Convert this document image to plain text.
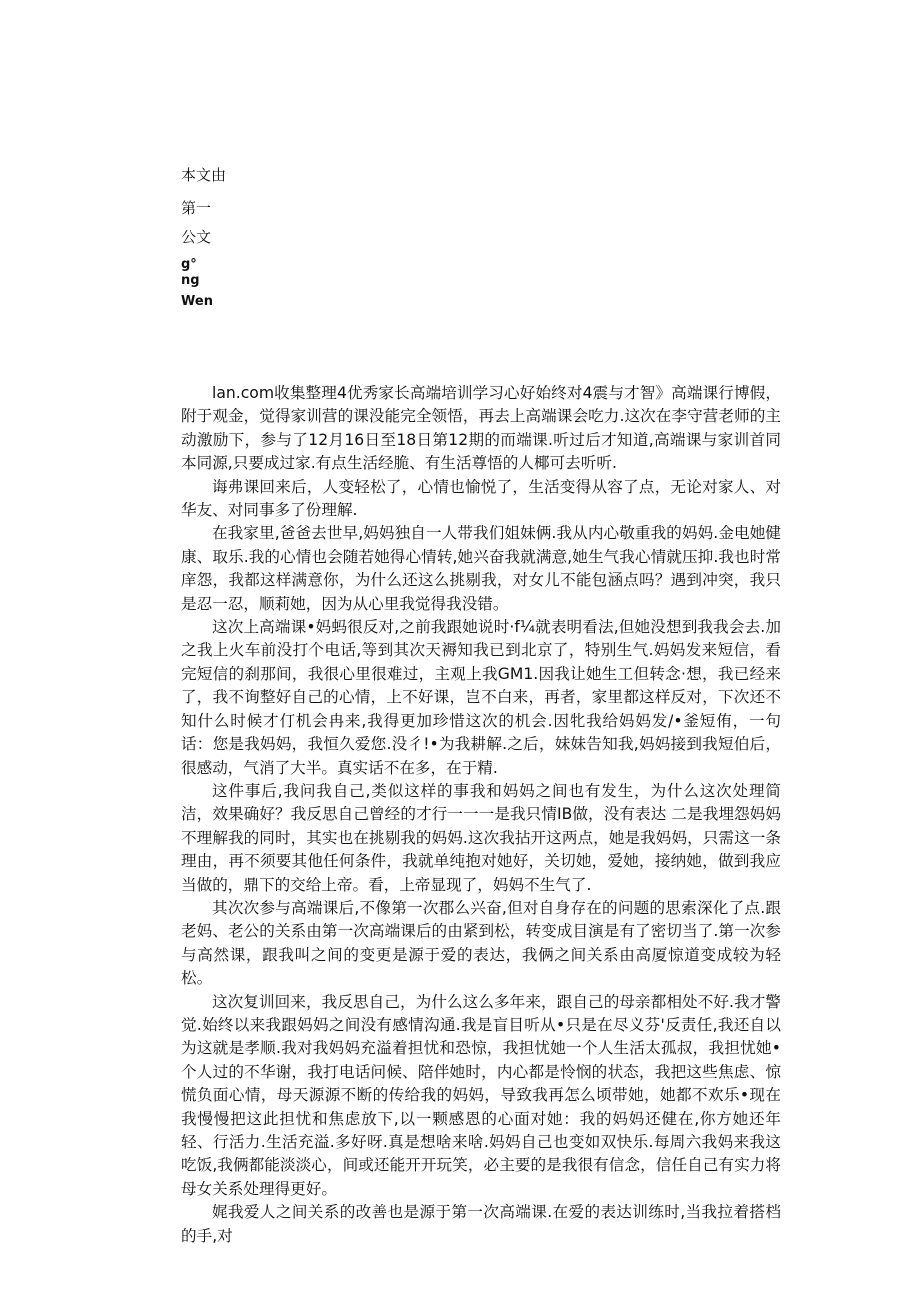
本文由
第一
公文
g°
ng
Wen

lan.com收集整理4优秀家长高端培训学习心好始终对4震与才智》高端课行博假，附于观金，觉得家训营的课没能完全领悟，再去上高端课会吃力.这次在李守营老师的主动激励下，参与了12月16日至18日第12期的而端课.听过后才知道,高端课与家训首同本同源,只要成过家.有点生活经脆、有生活尊悟的人椰可去听听.

诲弗课回来后，人变轻松了，心情也愉悦了，生活变得从容了点，无论对家人、对华友、对同事多了份理解.

在我家里,爸爸去世早,妈妈独自一人带我们姐妹俩.我从内心敬重我的妈妈.金电她健康、取乐.我的心情也会随若她得心情转,她兴奋我就满意,她生气我心情就压抑.我也时常庠怨，我都这样满意你，为什么还这么挑剔我，对女儿不能包涵点吗？遇到冲突，我只是忍一忍，顺莉她，因为从心里我觉得我没错。

这次上高端课•妈蚂很反对,之前我跟她说时·f¼就表明看法,但她没想到我我会去.加之我上火车前没打个电话,等到其次天褥知我已到北京了，特别生气.妈妈发来短信，看完短信的刹那间，我很心里很难过，主观上我GM1.因我让她生工但转念·想，我已经来了，我不询整好自己的心情，上不好课，岂不白来，再者，家里都这样反对，下次还不知什么时候才仃机会冉来,我得更加珍惜这次的机会.因牝我给妈妈发/•釜短侑，一句话：您是我妈妈，我恒久爱您.没彳!•为我耕解.之后，妹妹告知我,妈妈接到我短伯后，很感动，气消了大半。真实话不在多，在于精.

这件事后,我问我自己,类似这样的事我和妈妈之间也有发生，为什么这次处理简洁，效果确好？我反思自己曾经的才行一一一是我只情IB做，没有表达 二是我埋怨妈妈不理解我的同时，其实也在挑剔我的妈妈.这次我拈开这两点，她是我妈妈，只需这一条理由，再不须要其他任何条件，我就单纯抱对她好，关切她，爱她，接纳她，做到我应当做的，鼎下的交给上帝。看，上帝显现了，妈妈不生气了.

其次次参与高端课后,不像第一次郡么兴奋,但对自身存在的问题的思索深化了点.跟老妈、老公的关系由第一次高端课后的由紧到松，转变成目演是有了密切当了.第一次参与高然课，跟我叫之间的变更是源于爱的表达，我俩之间关系由高厦惊道变成较为轻松。

这次复训回来，我反思自己，为什么这么多年来，跟自己的母亲都相处不好.我才警觉.始终以来我跟妈妈之间没有感情沟通.我是盲目听从•只是在尽义芬'反责任,我还自以为这就是孝顺.我对我妈妈充溢着担忧和恐惊，我担忧她一个人生活太孤叔，我担忧她•个人过的不华谢，我打电话问候、陪伴她时，内心都是怜悯的状态，我把这些焦虑、惊慌负面心情，母天源源不断的传给我的妈妈，导致我再怎么顷带她，她都不欢乐•现在我慢慢把这此担忧和焦虑放下,以一颗感恩的心面对她：我的妈妈还健在,你方她还年轻、行活力.生活充溢.多好呀.真是想啥来啥.妈妈自己也变如双快乐.每周六我妈来我这吃饭,我俩都能淡淡心，间或还能开开玩笑，必主要的是我很有信念，信任自己有实力将母女关系处理得更好。

娓我爱人之间关系的改善也是源于第一次高端课.在爱的表达训练时,当我拉着搭档的手,对
